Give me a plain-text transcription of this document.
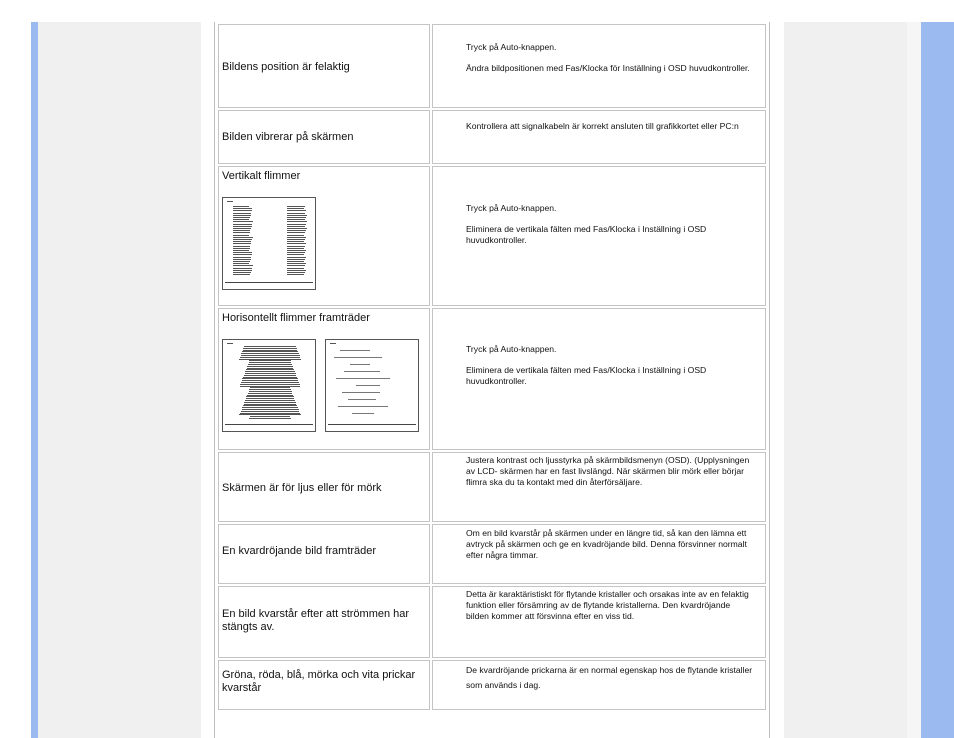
Bildens position är felaktig

Tryck på Auto-knappen.

Ändra bildpositionen med Fas/Klocka för Inställning i OSD huvudkontroller.

Bilden vibrerar på skärmen

Kontrollera att signalkabeln är korrekt ansluten till grafikkortet eller PC:n

Vertikalt flimmer

Tryck på Auto-knappen.

Eliminera de vertikala fälten med Fas/Klocka i Inställning i OSD huvudkontroller.

Horisontellt flimmer framträder

Tryck på Auto-knappen.

Eliminera de vertikala fälten med Fas/Klocka i Inställning i OSD huvudkontroller.

Skärmen är för ljus eller för mörk

Justera kontrast och ljusstyrka på skärmbildsmenyn (OSD). (Upplysningen av LCD- skärmen har en fast livslängd. När skärmen blir mörk eller börjar flimra ska du ta kontakt med din återförsäljare.

En kvardröjande bild framträder

Om en bild kvarstår på skärmen under en längre tid, så kan den lämna ett avtryck på skärmen och ge en kvadröjande bild. Denna försvinner normalt efter några timmar.

En bild kvarstår efter att strömmen har stängts av.

Detta är karaktäristiskt för flytande kristaller och orsakas inte av en felaktig funktion eller försämring av de flytande kristallerna. Den kvardröjande bilden kommer att försvinna efter en viss tid.

Gröna, röda, blå, mörka och vita prickar kvarstår

De kvardröjande prickarna är en normal egenskap hos de flytande kristaller som används i dag.
